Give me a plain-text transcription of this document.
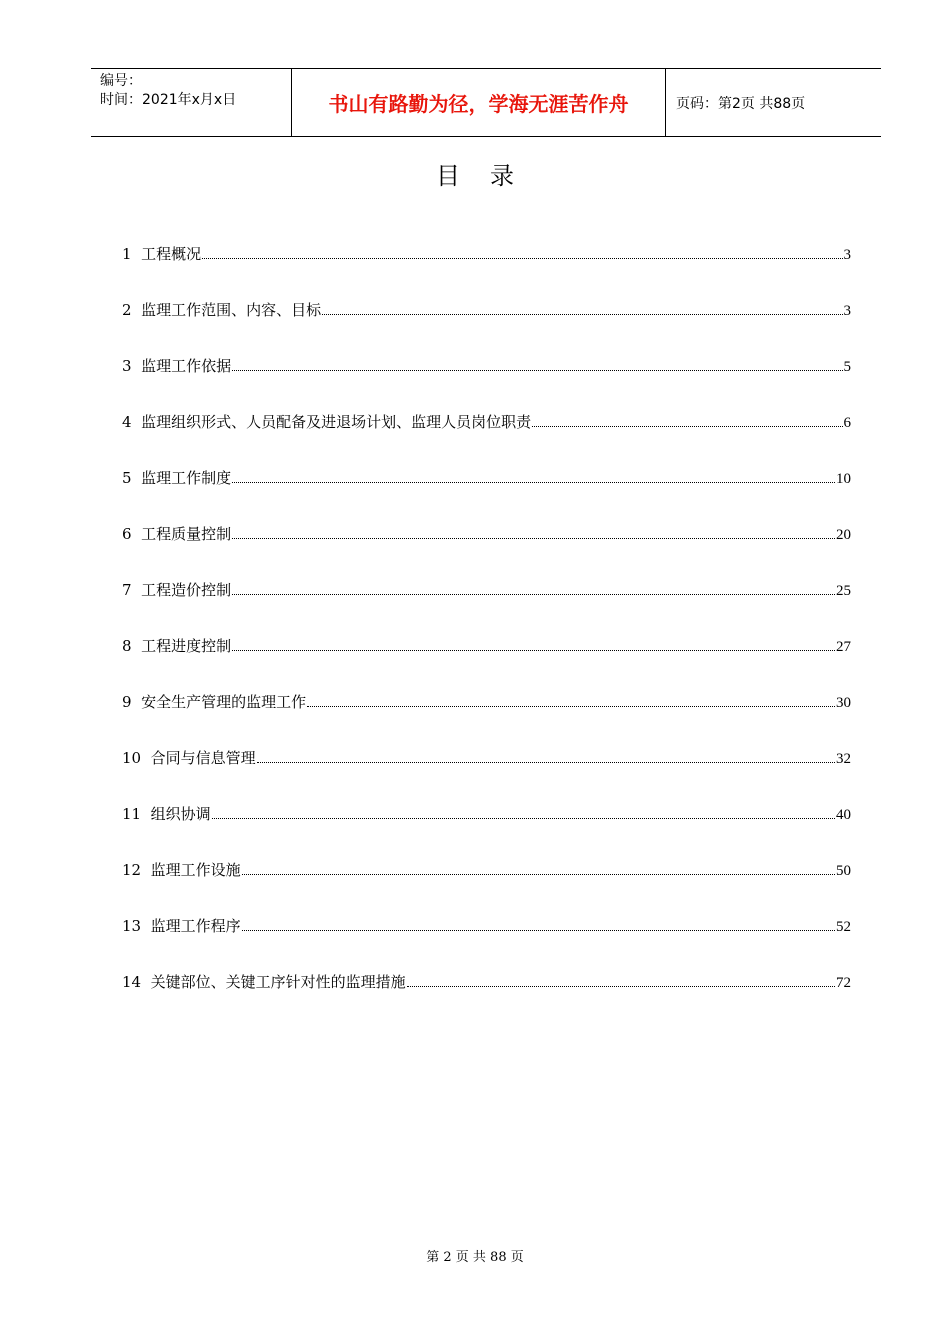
编号：
时间：2021年x月x日	书山有路勤为径，学海无涯苦作舟	页码：第2页 共88页
目录
1 工程概况	3
2 监理工作范围、内容、目标	3
3 监理工作依据	5
4 监理组织形式、人员配备及进退场计划、监理人员岗位职责	6
5 监理工作制度	10
6 工程质量控制	20
7 工程造价控制	25
8 工程进度控制	27
9 安全生产管理的监理工作	30
10 合同与信息管理	32
11 组织协调	40
12 监理工作设施	50
13 监理工作程序	52
14 关键部位、关键工序针对性的监理措施	72
第 2 页 共 88 页
